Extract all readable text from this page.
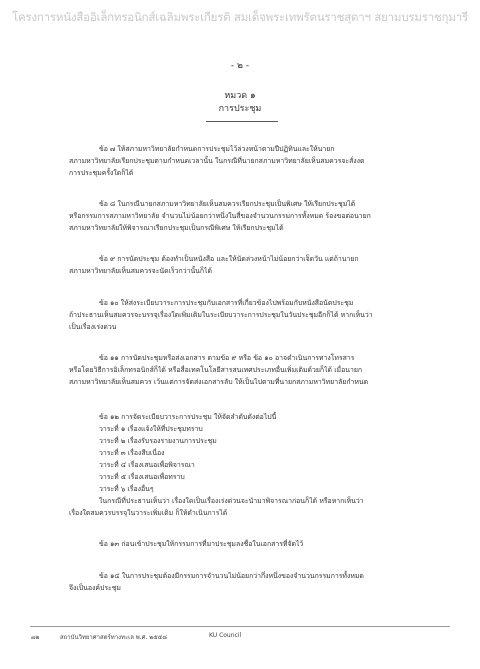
โครงการหนังสืออิเล็กทรอนิกส์เฉลิมพระเกียรติ สมเด็จพระเทพรัตนราชสุดาฯ สยามบรมราชกุมารี
- ๒ -
หมวด ๑
การประชุม
ข้อ ๗ ให้สภามหาวิทยาลัยกำหนดการประชุมไว้ล่วงหน้าตามปีปฏิทินและให้นายก
สภามหาวิทยาลัยเรียกประชุมตามกำหนดเวลานั้น ในกรณีที่นายกสภามหาวิทยาลัยเห็นสมควรจะสั่งงด
การประชุมครั้งใดก็ได้
ข้อ ๘ ในกรณีนายกสภามหาวิทยาลัยเห็นสมควรเรียกประชุมเป็นพิเศษ ให้เรียกประชุมได้
หรือกรรมการสภามหาวิทยาลัย จำนวนไม่น้อยกว่าหนึ่งในสี่ของจำนวนกรรมการทั้งหมด ร้องขอต่อนายก
สภามหาวิทยาลัยให้พิจารณาเรียกประชุมเป็นกรณีพิเศษ ให้เรียกประชุมได้
ข้อ ๙ การนัดประชุม ต้องทำเป็นหนังสือ และให้นัดล่วงหน้าไม่น้อยกว่าเจ็ดวัน แต่ถ้านายก
สภามหาวิทยาลัยเห็นสมควรจะนัดเร็วกว่านั้นก็ได้
ข้อ ๑๐ ให้ส่งระเบียบวาระการประชุมกับเอกสารที่เกี่ยวข้องไปพร้อมกับหนังสือนัดประชุม
ถ้าประธานเห็นสมควรจะบรรจุเรื่องใดเพิ่มเติมในระเบียบวาระการประชุมในวันประชุมอีกก็ได้ หากเห็นว่า
เป็นเรื่องเร่งด่วน
ข้อ ๑๑ การนัดประชุมหรือส่งเอกสาร ตามข้อ ๙ หรือ ข้อ ๑๐ อาจดำเนินการทางโทรสาร
หรือโดยวิธีการอิเล็กทรอนิกส์ก็ได้ หรือสื่อเทคโนโลยีสารสนเทศประเภทอื่นเพิ่มเติมด้วยก็ได้ เมื่อนายก
สภามหาวิทยาลัยเห็นสมควร เว้นแต่การจัดส่งเอกสารลับ ให้เป็นไปตามที่นายกสภามหาวิทยาลัยกำหนด
ข้อ ๑๒ การจัดระเบียบวาระการประชุม ให้จัดลำดับดังต่อไปนี้
วาระที่ ๑ เรื่องแจ้งให้ที่ประชุมทราบ
วาระที่ ๒ เรื่องรับรองรายงานการประชุม
วาระที่ ๓ เรื่องสืบเนื่อง
วาระที่ ๔ เรื่องเสนอเพื่อพิจารณา
วาระที่ ๕ เรื่องเสนอเพื่อทราบ
วาระที่ ๖ เรื่องอื่นๆ
ในกรณีที่ประธานเห็นว่า เรื่องใดเป็นเรื่องเร่งด่วนจะนำมาพิจารณาก่อนก็ได้ หรือหากเห็นว่า
เรื่องใดสมควรบรรจุในวาระเพิ่มเติม ก็ให้ดำเนินการได้
ข้อ ๑๓ ก่อนเข้าประชุมให้กรรมการที่มาประชุมลงชื่อในเอกสารที่จัดไว้
ข้อ ๑๔ ในการประชุมต้องมีกรรมการจำนวนไม่น้อยกว่ากึ่งหนึ่งของจำนวนกรรมการทั้งหมด
จึงเป็นองค์ประชุม
๗๒	สถาบันวิทยาศาสตร์ทางทะเล พ.ศ. ๒๕๕๘	KU Council
